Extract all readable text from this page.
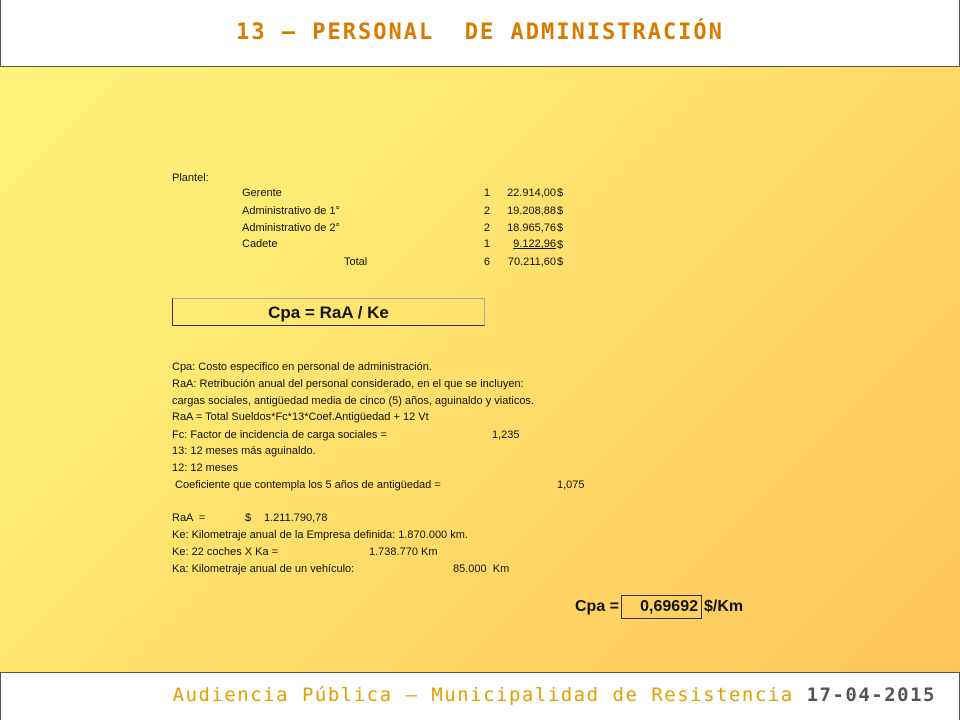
13 – PERSONAL  DE ADMINISTRACIÓN
Plantel:
Gerente	1	22.914,00 $
Administrativo de 1°	2	19.208,88 $
Administrativo de 2°	2	18.965,76 $
Cadete	1	9.122,96 $
Total	6	70.211,60 $
Cpa = RaA / Ke
Cpa: Costo especifico en personal de administración.
RaA: Retribución anual del personal considerado, en el que se incluyen:
cargas sociales, antigüedad media de cinco (5) años, aguinaldo y viaticos.
RaA = Total Sueldos*Fc*13*Coef.Antigüedad + 12 Vt
Fc: Factor de incidencia de carga sociales =	1,235
13: 12 meses más aguinaldo.
12: 12 meses
Coeficiente que contempla los 5 años de antigüedad =	1,075
RaA  =	$ 1.211.790,78
Ke: Kilometraje anual de la Empresa definida: 1.870.000 km.
Ke: 22 coches X Ka =	1.738.770 Km
Ka: Kilometraje anual de un vehículo:	85.000  Km
Cpa =	0,69692 $/Km
Audiencia Pública – Municipalidad de Resistencia 17-04-2015
